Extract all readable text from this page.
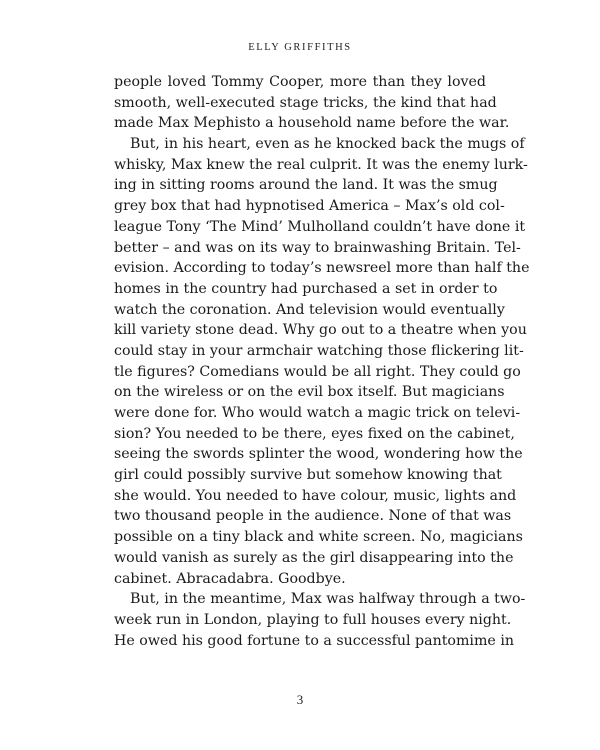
ELLY GRIFFITHS
people loved Tommy Cooper, more than they loved
smooth, well-executed stage tricks, the kind that had
made Max Mephisto a household name before the war.
But, in his heart, even as he knocked back the mugs of
whisky, Max knew the real culprit. It was the enemy lurk-
ing in sitting rooms around the land. It was the smug
grey box that had hypnotised America – Max’s old col-
league Tony ‘The Mind’ Mulholland couldn’t have done it
better – and was on its way to brainwashing Britain. Tel-
evision. According to today’s newsreel more than half the
homes in the country had purchased a set in order to
watch the coronation. And television would eventually
kill variety stone dead. Why go out to a theatre when you
could stay in your armchair watching those flickering lit-
tle figures? Comedians would be all right. They could go
on the wireless or on the evil box itself. But magicians
were done for. Who would watch a magic trick on televi-
sion? You needed to be there, eyes fixed on the cabinet,
seeing the swords splinter the wood, wondering how the
girl could possibly survive but somehow knowing that
she would. You needed to have colour, music, lights and
two thousand people in the audience. None of that was
possible on a tiny black and white screen. No, magicians
would vanish as surely as the girl disappearing into the
cabinet. Abracadabra. Goodbye.
But, in the meantime, Max was halfway through a two-
week run in London, playing to full houses every night.
He owed his good fortune to a successful pantomime in
3
